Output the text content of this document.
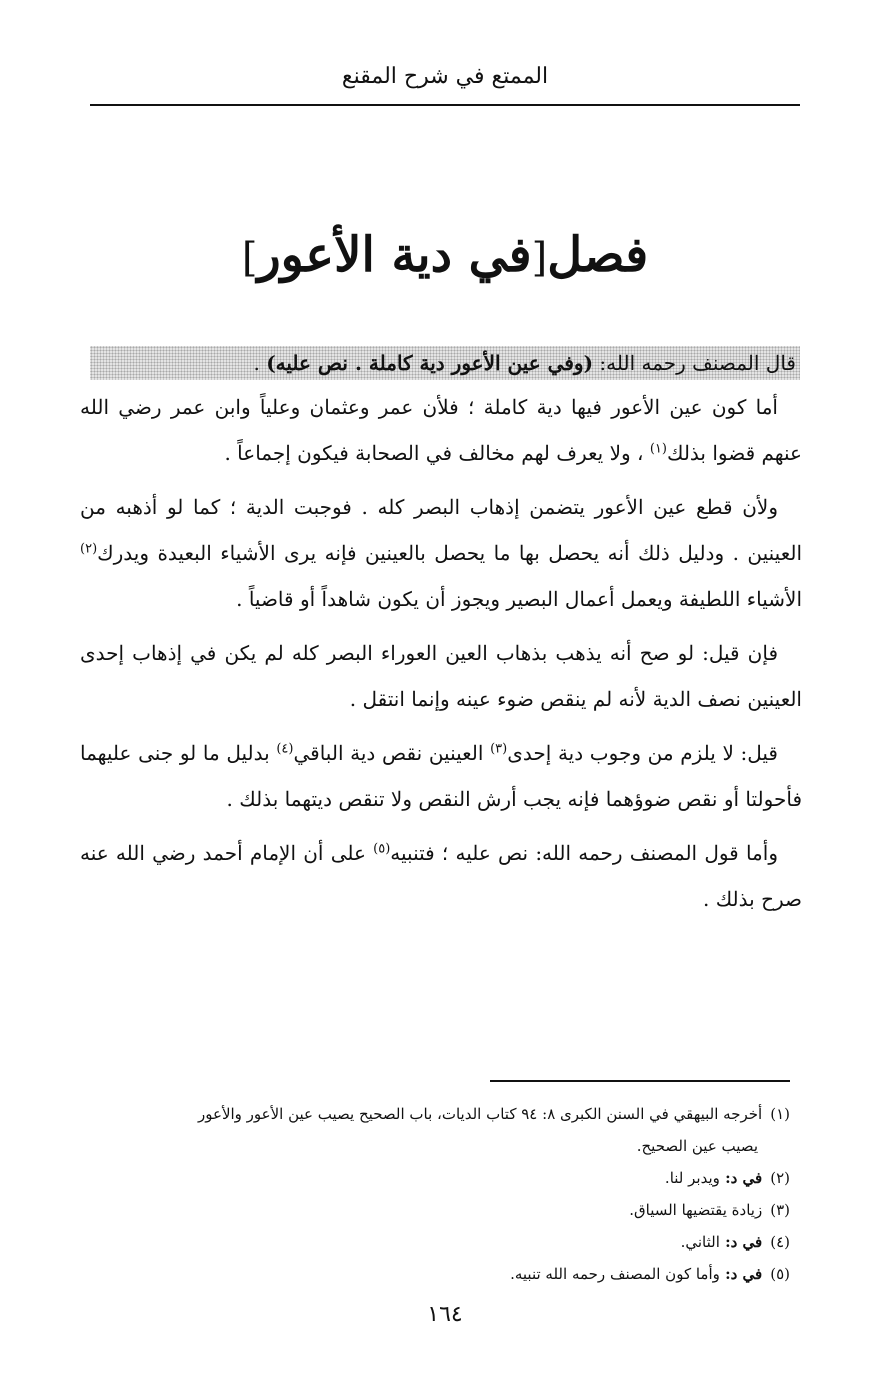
الممتع في شرح المقنع
فصل[في دية الأعور]
قال المصنف رحمه الله: (وفي عين الأعور دية كاملة . نص عليه) .

أما كون عين الأعور فيها دية كاملة ؛ فلأن عمر وعثمان وعلياً وابن عمر رضي الله عنهم قضوا بذلك$^{(١)}$ ، ولا يعرف لهم مخالف في الصحابة فيكون إجماعاً .

ولأن قطع عين الأعور يتضمن إذهاب البصر كله . فوجبت الدية ؛ كما لو أذهبه من العينين . ودليل ذلك أنه يحصل بها ما يحصل بالعينين فإنه يرى الأشياء البعيدة ويدرك$^{(٢)}$ الأشياء اللطيفة ويعمل أعمال البصير ويجوز أن يكون شاهداً أو قاضياً .

فإن قيل: لو صح أنه يذهب بذهاب العين العوراء البصر كله لم يكن في إذهاب إحدى العينين نصف الدية لأنه لم ينقص ضوء عينه وإنما انتقل .

قيل: لا يلزم من وجوب دية إحدى$^{(٣)}$ العينين نقص دية الباقي$^{(٤)}$ بدليل ما لو جنى عليهما فأحولتا أو نقص ضوؤهما فإنه يجب أرش النقص ولا تنقص ديتهما بذلك .

وأما قول المصنف رحمه الله: نص عليه ؛ فتنبيه$^{(٥)}$ على أن الإمام أحمد رضي الله عنه صرح بذلك .

(١)أخرجه البيهقي في السنن الكبرى ٨: ٩٤ كتاب الديات، باب الصحيح يصيب عين الأعور والأعور
يصيب عين الصحيح.

(٢)في د: ويدبر لنا.

(٣)زيادة يقتضيها السياق.

(٤)في د: الثاني.

(٥)في د: وأما كون المصنف رحمه الله تنبيه.

١٦٤
